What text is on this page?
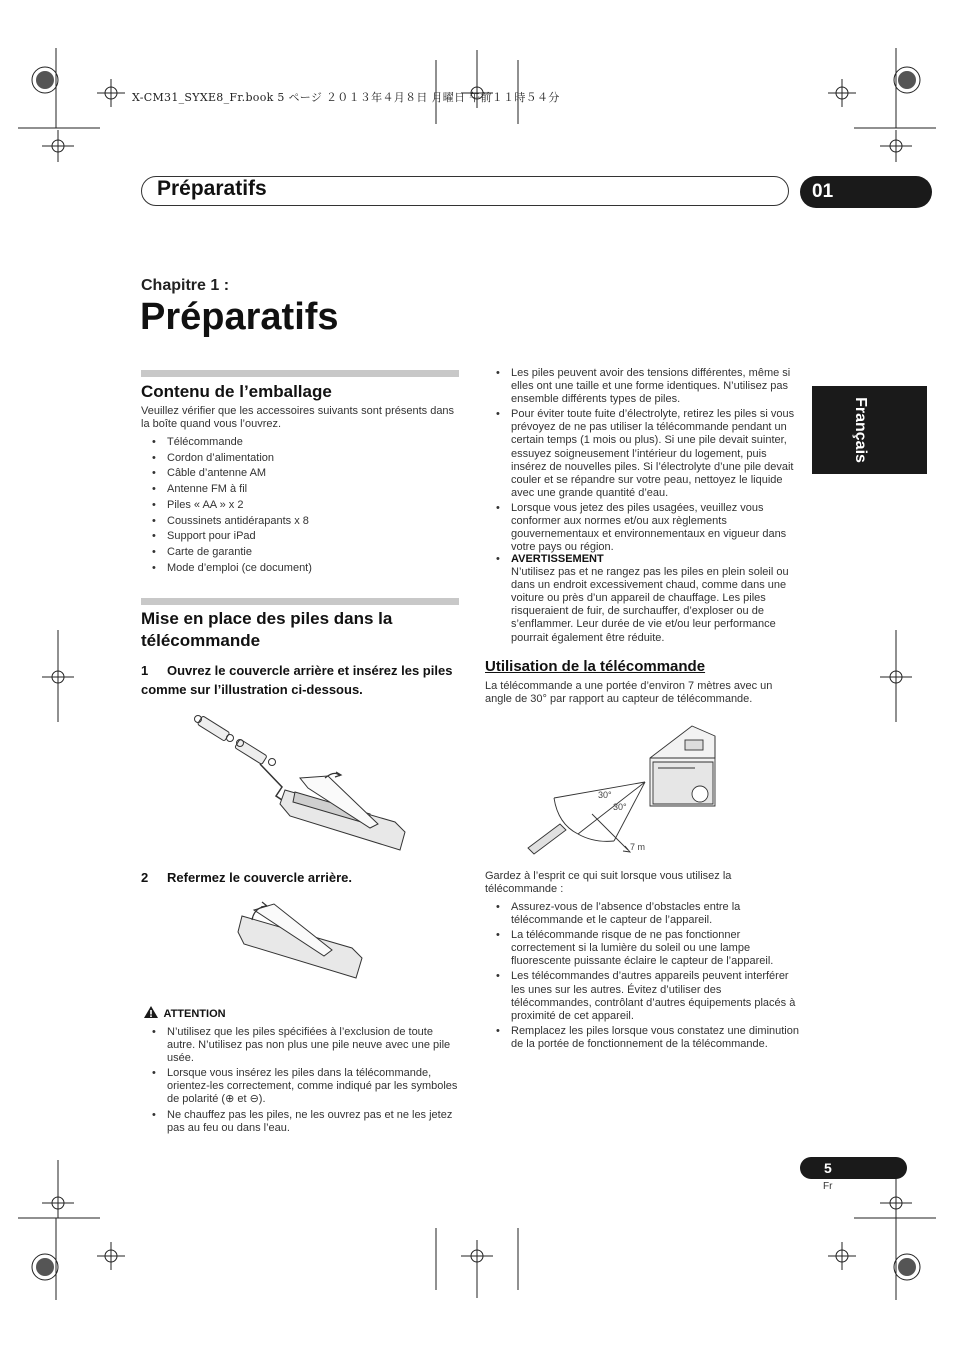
X-CM31_SYXE8_Fr.book 5 ページ ２０１３年４月８日 月曜日 午前１１時５４分
Préparatifs	01
Français
Chapitre 1 :
Préparatifs
Contenu de l’emballage
Veuillez vérifier que les accessoires suivants sont présents dans la boîte quand vous l’ouvrez.
• Télécommande
• Cordon d’alimentation
• Câble d’antenne AM
• Antenne FM à fil
• Piles « AA » x 2
• Coussinets antidérapants x 8
• Support pour iPad
• Carte de garantie
• Mode d’emploi (ce document)
Mise en place des piles dans la télécommande
1 Ouvrez le couvercle arrière et insérez les piles comme sur l’illustration ci-dessous.
2 Refermez le couvercle arrière.
ATTENTION
• N’utilisez que les piles spécifiées à l’exclusion de toute autre. N’utilisez pas non plus une pile neuve avec une pile usée.
• Lorsque vous insérez les piles dans la télécommande, orientez-les correctement, comme indiqué par les symboles de polarité (⊕ et ⊖).
• Ne chauffez pas les piles, ne les ouvrez pas et ne les jetez pas au feu ou dans l’eau.
• Les piles peuvent avoir des tensions différentes, même si elles ont une taille et une forme identiques. N’utilisez pas ensemble différents types de piles.
• Pour éviter toute fuite d’électrolyte, retirez les piles si vous prévoyez de ne pas utiliser la télécommande pendant un certain temps (1 mois ou plus). Si une pile devait suinter, essuyez soigneusement l’intérieur du logement, puis insérez de nouvelles piles. Si l’électrolyte d’une pile devait couler et se répandre sur votre peau, nettoyez le liquide avec une grande quantité d’eau.
• Lorsque vous jetez des piles usagées, veuillez vous conformer aux normes et/ou aux règlements gouvernementaux et environnementaux en vigueur dans votre pays ou région.
• AVERTISSEMENT
N’utilisez pas et ne rangez pas les piles en plein soleil ou dans un endroit excessivement chaud, comme dans une voiture ou près d’un appareil de chauffage. Les piles risqueraient de fuir, de surchauffer, d’exploser ou de s’enflammer. Leur durée de vie et/ou leur performance pourrait également être réduite.
Utilisation de la télécommande
La télécommande a une portée d’environ 7 mètres avec un angle de 30° par rapport au capteur de télécommande.
30°
30°
7 m
Gardez à l’esprit ce qui suit lorsque vous utilisez la télécommande :
• Assurez-vous de l’absence d’obstacles entre la télécommande et le capteur de l’appareil.
• La télécommande risque de ne pas fonctionner correctement si la lumière du soleil ou une lampe fluorescente puissante éclaire le capteur de l’appareil.
• Les télécommandes d’autres appareils peuvent interférer les unes sur les autres. Évitez d’utiliser des télécommandes, contrôlant d’autres équipements placés à proximité de cet appareil.
• Remplacez les piles lorsque vous constatez une diminution de la portée de fonctionnement de la télécommande.
5
Fr
